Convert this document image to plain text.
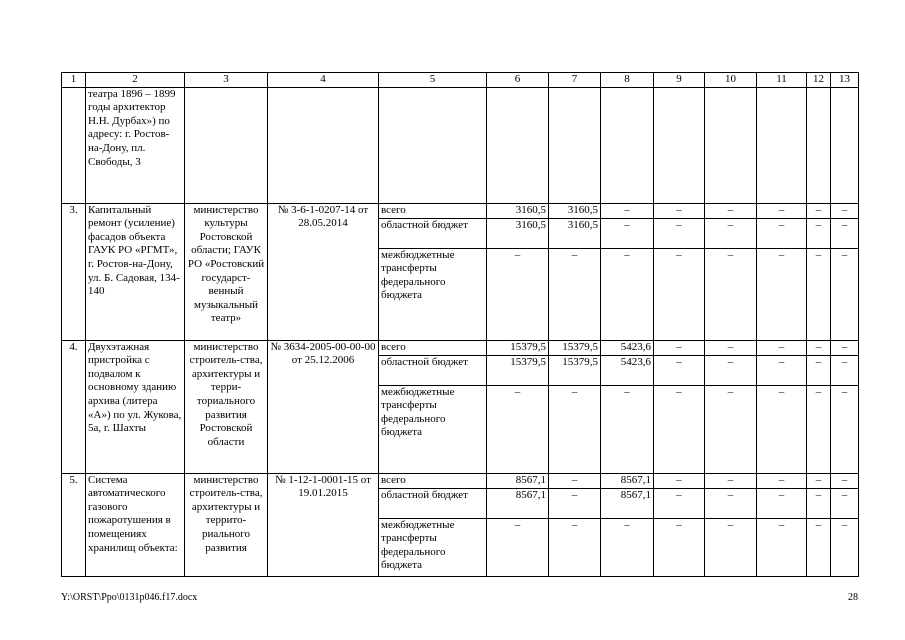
1	2	3	4	5	6	7	8	9	10	11	12	13
	театра 1896 – 1899 годы архитектор Н.Н. Дурбах») по адресу: г. Ростов-на-Дону, пл. Свободы, 3											
3.	Капитальный ремонт (усиление) фасадов объекта ГАУК РО «РГМТ», г. Ростов-на-Дону, ул. Б. Садовая, 134-140	министерство культуры Ростовской области; ГАУК РО «Ростовский государст-венный музыкальный театр»	№ 3-6-1-0207-14 от 28.05.2014	всего	3160,5	3160,5	–	–	–	–	–	–
				областной бюджет	3160,5	3160,5	–	–	–	–	–	–
				межбюджетные трансферты федерального бюджета	–	–	–	–	–	–	–	–
4.	Двухэтажная пристройка с подвалом к основному зданию архива (литера «А») по ул. Жукова, 5а, г. Шахты	министерство строитель-ства, архитектуры и терри-ториального развития Ростовской области	№ 3634-2005-00-00-00 от 25.12.2006	всего	15379,5	15379,5	5423,6	–	–	–	–	–
				областной бюджет	15379,5	15379,5	5423,6	–	–	–	–	–
				межбюджетные трансферты федерального бюджета	–	–	–	–	–	–	–	–
5.	Система автоматического газового пожаротушения в помещениях хранилищ объекта:	министерство строитель-ства, архитектуры и террито-риального развития	№ 1-12-1-0001-15 от 19.01.2015	всего	8567,1	–	8567,1	–	–	–	–	–
				областной бюджет	8567,1	–	8567,1	–	–	–	–	–
				межбюджетные трансферты федерального бюджета	–	–	–	–	–	–	–	–
Y:\ORST\Ppo\0131p046.f17.docx	28
